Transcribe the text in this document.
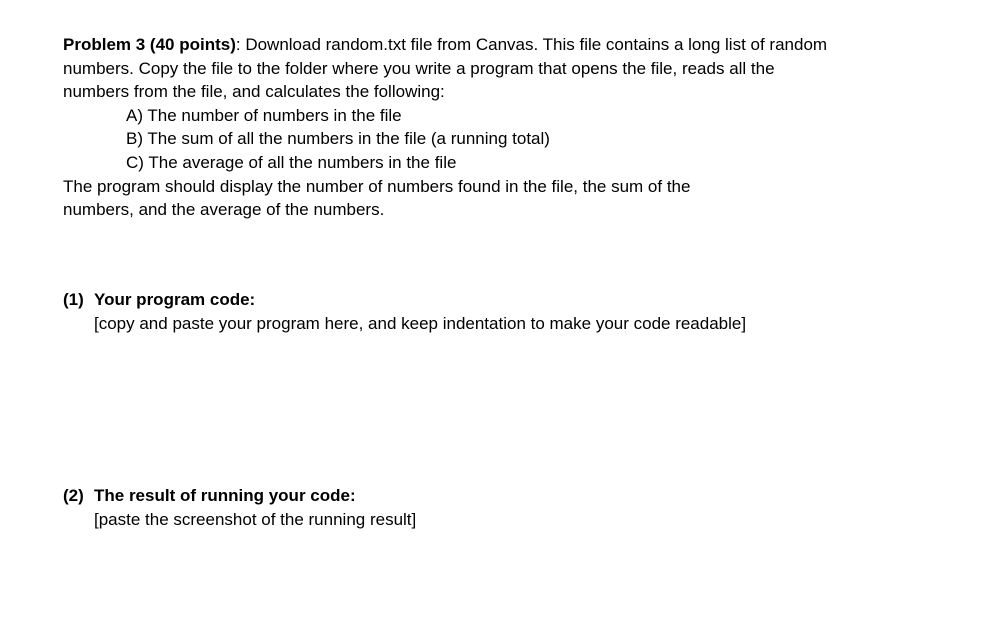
Problem 3 (40 points): Download random.txt file from Canvas. This file contains a long list of random

numbers. Copy the file to the folder where you write a program that opens the file, reads all the

numbers from the file, and calculates the following:

A) The number of numbers in the file
B) The sum of all the numbers in the file (a running total)
C) The average of all the numbers in the file

The program should display the number of numbers found in the file, the sum of the

numbers, and the average of the numbers.

(1) Your program code:
[copy and paste your program here, and keep indentation to make your code readable]
(2) The result of running your code:
[paste the screenshot of the running result]
